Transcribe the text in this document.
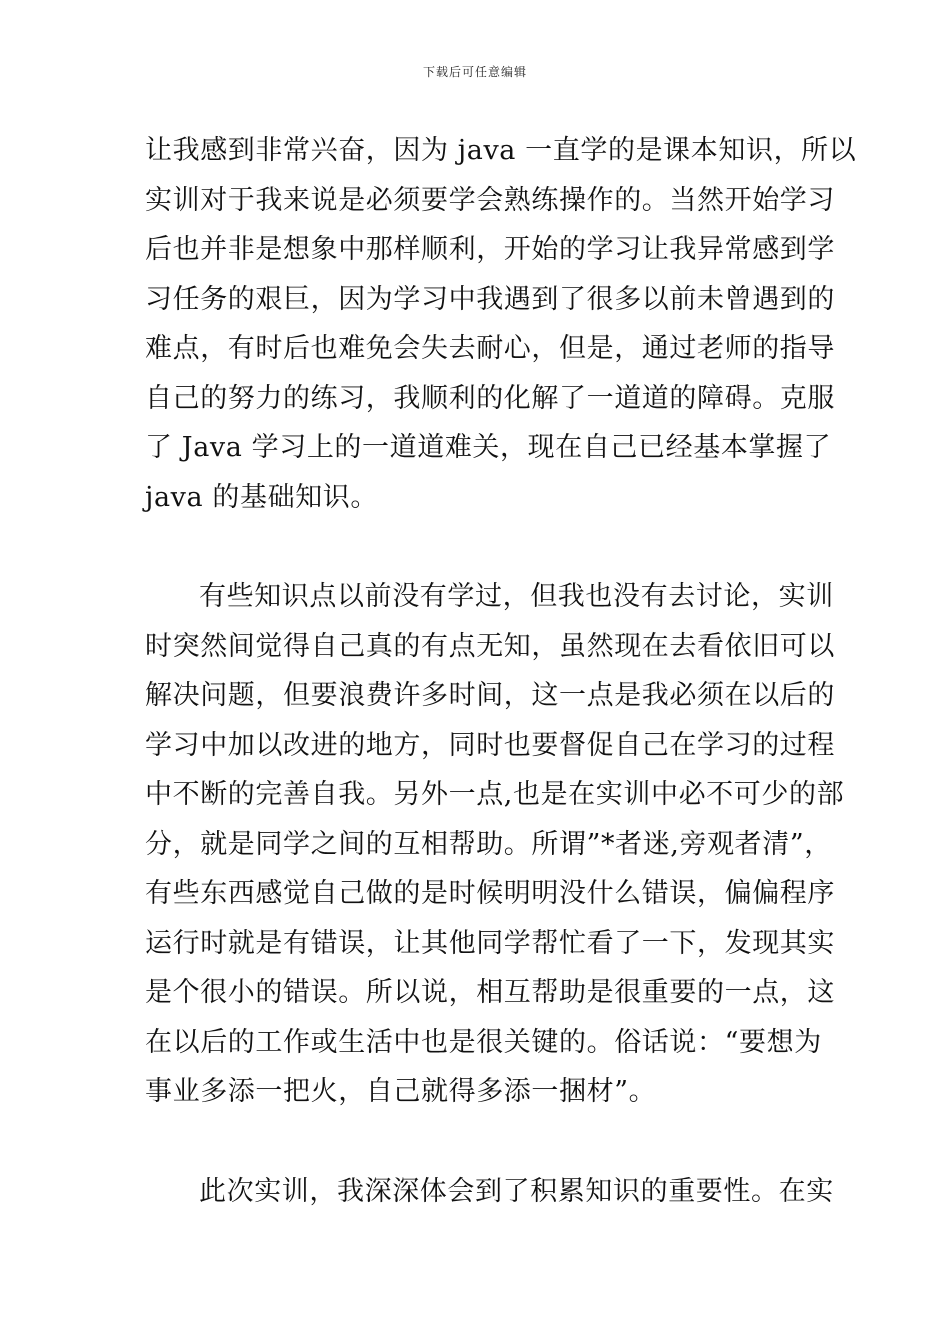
下载后可任意编辑
让我感到非常兴奋，因为 java 一直学的是课本知识，所以
实训对于我来说是必须要学会熟练操作的。当然开始学习
后也并非是想象中那样顺利，开始的学习让我异常感到学
习任务的艰巨，因为学习中我遇到了很多以前未曾遇到的
难点，有时后也难免会失去耐心，但是，通过老师的指导
自己的努力的练习，我顺利的化解了一道道的障碍。克服
了 Java 学习上的一道道难关，现在自己已经基本掌握了
java 的基础知识。
有些知识点以前没有学过，但我也没有去讨论，实训
时突然间觉得自己真的有点无知，虽然现在去看依旧可以
解决问题，但要浪费许多时间，这一点是我必须在以后的
学习中加以改进的地方，同时也要督促自己在学习的过程
中不断的完善自我。另外一点,也是在实训中必不可少的部
分，就是同学之间的互相帮助。所谓”*者迷,旁观者清”，
有些东西感觉自己做的是时候明明没什么错误，偏偏程序
运行时就是有错误，让其他同学帮忙看了一下，发现其实
是个很小的错误。所以说，相互帮助是很重要的一点，这
在以后的工作或生活中也是很关键的。俗话说：“要想为
事业多添一把火，自己就得多添一捆材”。
此次实训，我深深体会到了积累知识的重要性。在实
